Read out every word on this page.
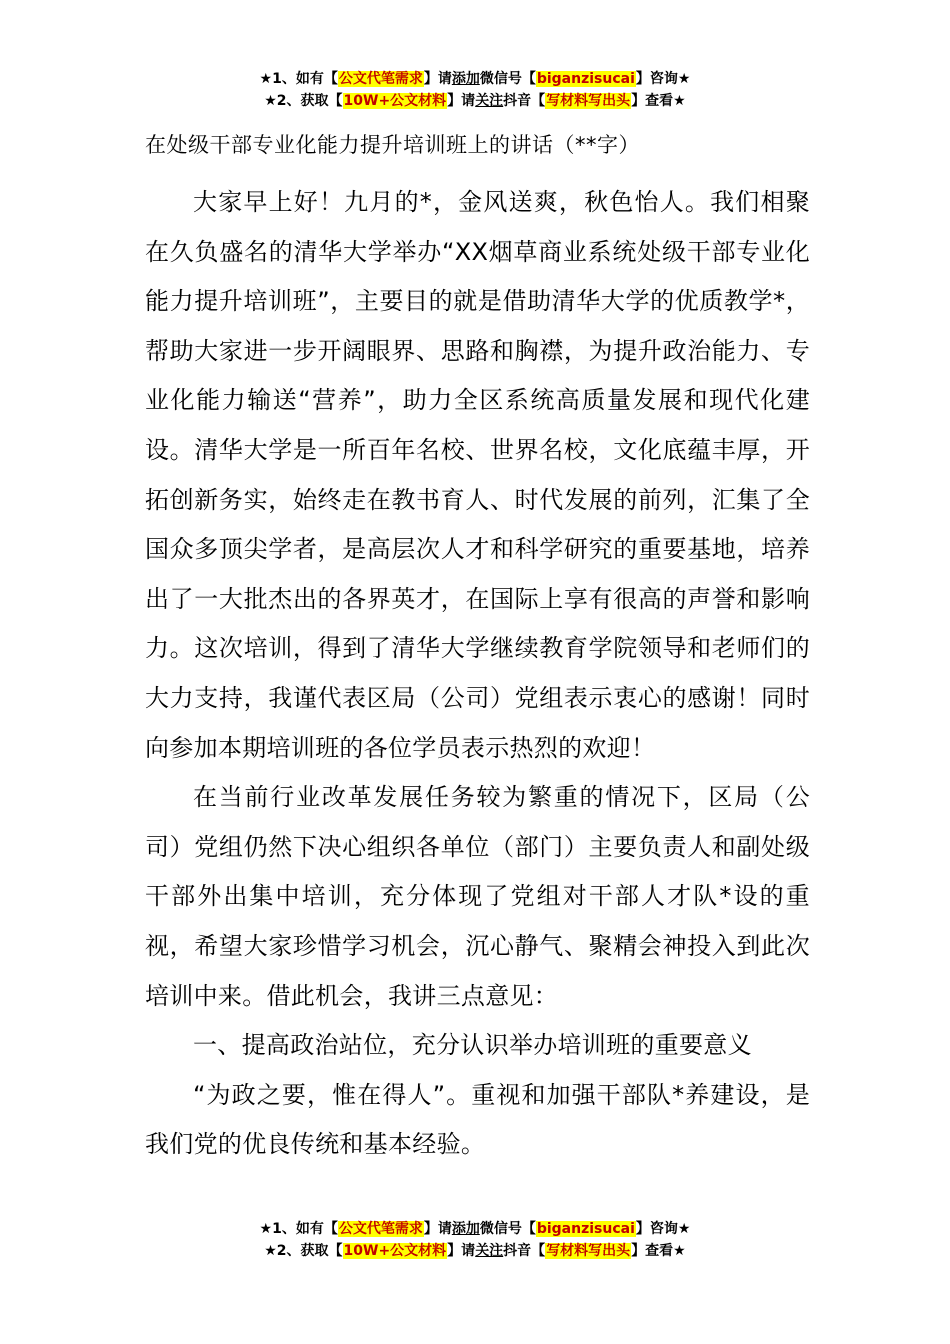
★1、如有【公文代笔需求】请添加微信号【biganzisucai】咨询★
★2、获取【10W+公文材料】请关注抖音【写材料写出头】查看★
在处级干部专业化能力提升培训班上的讲话（**字）

大家早上好！九月的*，金风送爽，秋色怡人。我们相聚在久负盛名的清华大学举办“XX烟草商业系统处级干部专业化能力提升培训班”，主要目的就是借助清华大学的优质教学*，帮助大家进一步开阔眼界、思路和胸襟，为提升政治能力、专业化能力输送“营养”，助力全区系统高质量发展和现代化建设。清华大学是一所百年名校、世界名校，文化底蕴丰厚，开拓创新务实，始终走在教书育人、时代发展的前列，汇集了全国众多顶尖学者，是高层次人才和科学研究的重要基地，培养出了一大批杰出的各界英才，在国际上享有很高的声誉和影响力。这次培训，得到了清华大学继续教育学院领导和老师们的大力支持，我谨代表区局（公司）党组表示衷心的感谢！同时向参加本期培训班的各位学员表示热烈的欢迎！

在当前行业改革发展任务较为繁重的情况下，区局（公司）党组仍然下决心组织各单位（部门）主要负责人和副处级干部外出集中培训，充分体现了党组对干部人才队*设的重视，希望大家珍惜学习机会，沉心静气、聚精会神投入到此次培训中来。借此机会，我讲三点意见：

一、提高政治站位，充分认识举办培训班的重要意义

“为政之要，惟在得人”。重视和加强干部队*养建设，是我们党的优良传统和基本经验。

★1、如有【公文代笔需求】请添加微信号【biganzisucai】咨询★
★2、获取【10W+公文材料】请关注抖音【写材料写出头】查看★
